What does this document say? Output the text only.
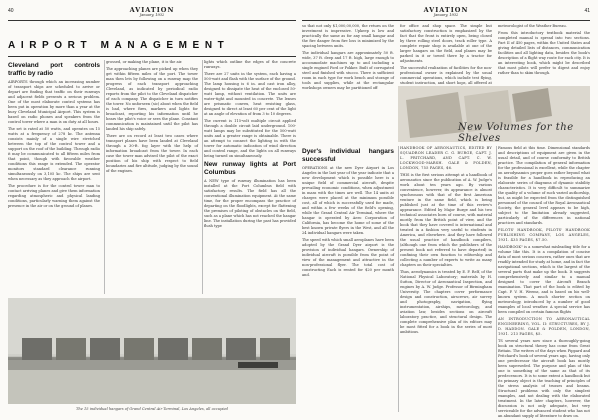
40	AVIATION
January, 1932
AIRPORT MANAGEMENT
Cleveland port controls traffic by radio

AIRPORTS through which an increasing number of transport ships are scheduled to arrive or depart are finding that traffic on their runways and adjacent fields presents a serious problem. One of the most elaborate control systems has been put in operation by more than a year at the busy Cleveland Municipal Airport. This system is based on radio phones and speakers from the control tower where a man is on duty at all hours.

The set is rated at 50 watts, and operates on 15 watts at a frequency of 278 kc. The antenna consists mainly of a single wire stretched between the top of the control tower and a support on the roof of the building. Through radio it may be communicated to all fifteen miles from that point, though with favorable weather conditions this range is extended. The operator monitors standard clearance running simultaneously on 3,105 kc. The ships are sent when necessary as they approach the airport.

The procedure is for the control tower man to contact arriving planes and give them information regarding atmospheric and physical landing conditions, particularly warning them against the presence in the air or on the ground of planes.

grossed, or making the plane, it is the air.

The approaching planes are picked up when they get within fifteen miles of the port. The tower man then lets by following on a runway map the progress of each transport approaching Cleveland, as indicated by periodical radio reports from the pilot to the Cleveland dispatcher of each company. The dispatcher in turn notifies the tower. No unforseen (sic) about when the field is bad, where fires, markers and lights for broadcast, reporting his information until he hears the pilot's voice or sees the plane. Constant communication is maintained until the pilot has landed his ship safely.

There are on record at least two cases where transport planes have been landed at Cleveland through a 30-ft. fog layer with the help of information broadcast from the tower. In each case the tower man advised the pilot of the exact position of his ship with respect to field boundaries and fire altitude, judging by the sound of the engines.

lights which outline the edges of the concrete runways.

There are 27 units in the system, each having a 500-watt and flash with the surface of the ground. The lamp housing is 6 in. and cast iron alloy, designed to dissipate the heat of the enclosed 50-watt lamp, without ventilation. The units are water-tight and mounted in concrete. The lenses are prismatic convex, heat resisting glass, designed to direct at least 60 per cent of the light at an angle of elevation of from 3 to 10 degrees.

The current is 115-volt multiple circuit applied through a double circuit laid underground. 100-watt lamps may be substituted for the 500-watt units and a greater range is obtainable. There is an attempt to connect the lighting in with the tower for automatic indication of wind direction and control range, and the lights on all runways being turned on simultaneously.

New runway lights at Port Columbus

A NEW type of runway illumination has been installed at the Port Columbus field with satisfactory results. The field has all the conventional illumination equipment. At the same time, for the proper encompass the practice of departing on the floodlights, except for flattening the premises of piloting of obstacles on the field, such as a plane which has not reached the hangar line. The installation during the past has provided flush type

The 15 individual hangars of Grand Central Air Terminal, Los Angeles, all occupied
AVIATION
January, 1932
41

so that not only $1,000,00,000, the return on the investment is impressive. Upkeep is low and practically the same as for any small hangar and the fire danger from fire loss is minimized by the spacing between units.

The individual hangars are approximately 50 ft. wide, 37 ft. deep and 17 ft. high, large enough to accommodate machines up to and including a single engined Ford or Fokker. Built of corrugated steel and finished with stucco. There is sufficient room in each type for work bench and storage of tools and supplies, while at the rectangular workshops owners may be partitioned off

for office and shop space. The simple but satisfactory construction is emphasized by the fact that the front is entirely open, being closed by three rolling steel doors, track roller type. A complete repair shop is available at one of the larger hangars on the field, and planes may be parked in it or towed there by a tractor for adjustments.

The successful realization of facilities for the non-professional owner is explained by the usual commercial operations, which include test flying, student instruction, and short hops, all offered at

meteorologist of the Weather Bureau.

From this introductory textbook material the completed manual is spread into two sections. Part II of 450 pages, within the United States and giving detailed lists of distances, communication facilities and all lighting data, besides the book's description of a flight way route for each city. It is an interesting book, which might be described that most pilots will prefer to digest and enjoy rather than to skim through.

New Volumes for the Shelves
Dyer's individual hangars successful

OPERATIONS at the new Dyer Airport in Los Angeles in the last year of the year indicate that a new development which is possible here is a unique field of commercial aircraft, despite prevailing economic conditions, when adjustment in mass with the times are well. The 14 units at charges were placed at the minimum possible cost, all of which is successfully used for made, and within a few weeks of the field's opening, while the Grand Central Air Terminal, where the hangar is operated by Aero Corporation of California, has become the home of some of the best known private flyers in the West, and all the 24 individual hangars were taken.

The speed with which small aeroplanes have been adopted by the Grand Dyer airport is the provision of individual hangars. Ownership of individual aircraft is possible from the point of view of the management and attractive in the non-professional flyer. The total cost of constructing Each is rented for $20 per month and.

HANDBOOK OF AERONAUTICS, EDITED BY SQUADRON LEADER C. G. BURGE, CAPT. J. L. PRITCHARD, AND CAPT. C. W. LOCKWOOD-MARSH. GALE & POLDEN, LONDON, 755 PAGES, $6.

THIS is the first serious attempt at a handbook of aeronautics since the publication of A. W. Judge's work about ten years ago. By various convenience, however, its appearance is almost synchronous with that of the first American venture in the same field, which is being published just at the time of this review's appearance. Edited by Major Burge and his two technical associates born of course, with material mostly from the British point of view, and the book that they have covered is international and treated in a fashion very useful to students in America, and elsewhere. And they have followed the usual practice of handbook compilers, (although one from which the publishers of the present book not referred to have departed) in confining their own function to editorship and collecting a number of experts to write as many chapters on their specialties.

Thus, aerodynamics is treated by E. F. Relf, of the National Physical Laboratory; materials by H. Sutton, Director of Aeronautical Inspection, and engines by A. W. Judge. Professor of Birmingham University. The chapters cover performance design and construction, airscrews, air survey and photography, navigation, flying instrumentation, airships, meteorology, and aviation law, besides sections on aircraft laboratory practice, and structural design. The complete comprehensive plan of its editors may be most fitted for a book in the series of most ambitious.

Famous field at this time. Dimensional standards and descriptions of equipment are given in the usual detail, and of course conformity to British practice. The compilation of general information for the professional is excellent, while the chapter on aerodynamics proper goes rather beyond what is feasible for a handbook in reproducing an elaborate series of diagrams of dynamic stability characteristics. It is very difficult to summarize the quality of a volume of such varied authorship, but, as might be expected from the distinguished personnel of the council of the Royal Aeronautical Society, the general level appears to be high, subject to the limitation already suggested, particularly of the differences in national practices and standards.

PILOTS' HANDBOOK, PILOTS' HANDBOOK PUBLISHING COMPANY, LOS ANGELES, 1931. 435 PAGES, $7.50.

HANDBOOK" is a somewhat misleading title for a volume like this. It is a compilation of concise data of most serious concern, rather ones that are readily intended for study at home, and in fact the navigational sections, which is the largest of the several parts that make up the book. It suggests comprehensively and similar to a manual designed to cover the Aircraft Branch examination. That part of the book is edited by Capt. P. V. H. Weems, and is based on his well-known system. A much shorter section on meteorology, introduced by a number of good examples of local weather. A special service has been compiled on certain famous flights

AN INTRODUCTION TO AERONAUTICAL ENGINEERING, VOL. II: STRUCTURES, BY J. D. HADDON. GALE & POLDEN, LONDON, 1931. 213 PAGES, $5.

TS several years now since a thoroughly-going book on structural theory has come from Great Britain. The writers of the days when Pippard and Pritchard's book of several years ago, having only one predecessor the aircraft book has mostly been superseded. The purpose and plan of this one is something of the same as that of its predecessors. It is to some extent a handbook but its primary object is the teaching of principles of the stress analysis of trusses and beams. Structural problems with only the simplest examples, and not dealing with the elaborated treatment. In the later chapters, however, the discussion is not only adequate, but very serviceable for the advanced student who has not an abundant supply of literature to draw on.
